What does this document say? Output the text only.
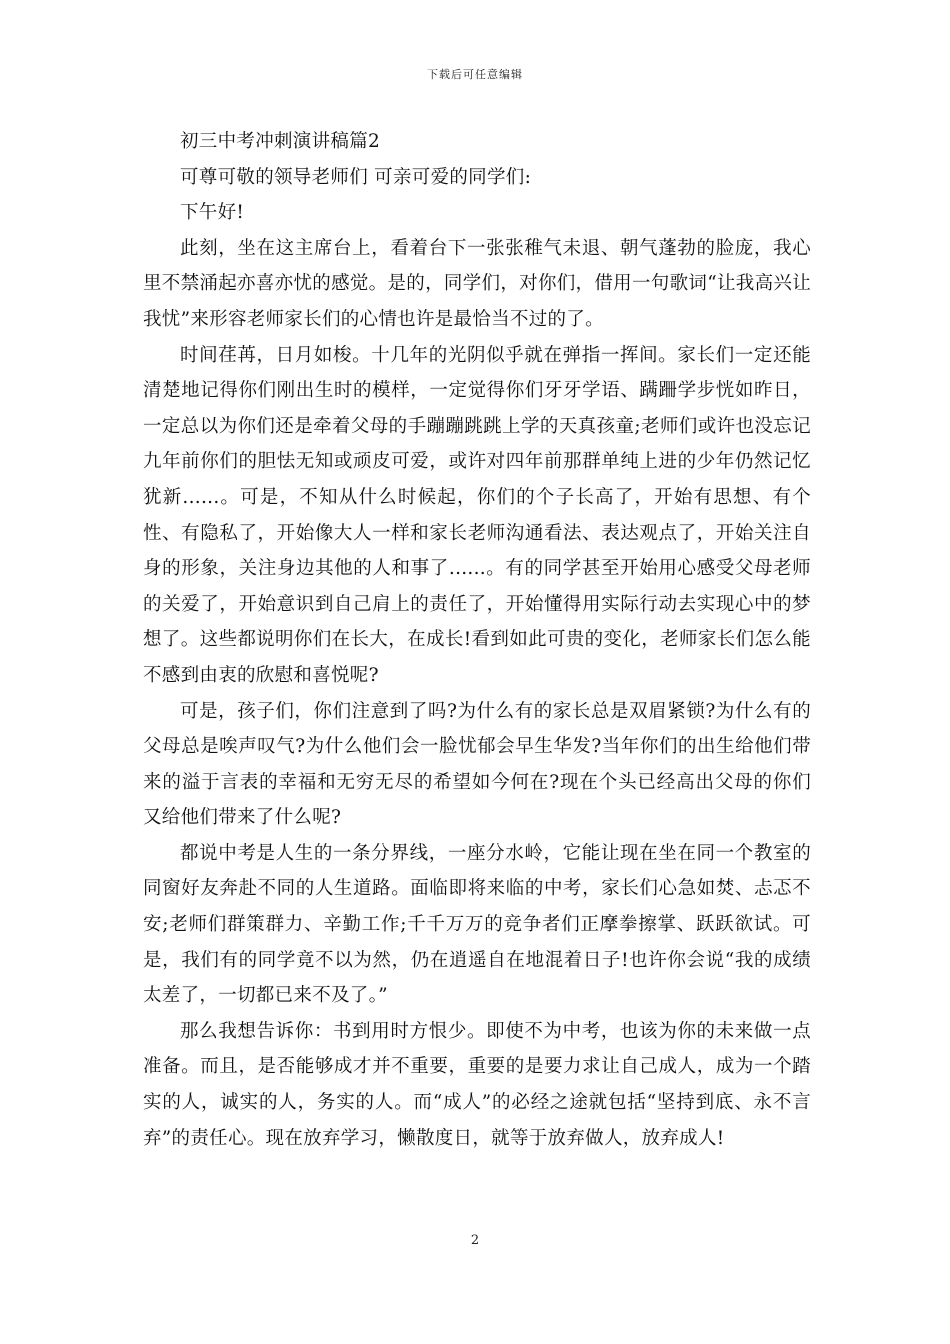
下载后可任意编辑

初三中考冲刺演讲稿篇2

可尊可敬的领导老师们 可亲可爱的同学们:

下午好!

此刻，坐在这主席台上，看着台下一张张稚气未退、朝气蓬勃的脸庞，我心里不禁涌起亦喜亦忧的感觉。是的，同学们，对你们，借用一句歌词“让我高兴让我忧”来形容老师家长们的心情也许是最恰当不过的了。

时间荏苒，日月如梭。十几年的光阴似乎就在弹指一挥间。家长们一定还能清楚地记得你们刚出生时的模样，一定觉得你们牙牙学语、蹒跚学步恍如昨日，一定总以为你们还是牵着父母的手蹦蹦跳跳上学的天真孩童;老师们或许也没忘记九年前你们的胆怯无知或顽皮可爱，或许对四年前那群单纯上进的少年仍然记忆犹新......。可是，不知从什么时候起，你们的个子长高了，开始有思想、有个性、有隐私了，开始像大人一样和家长老师沟通看法、表达观点了，开始关注自身的形象，关注身边其他的人和事了......。有的同学甚至开始用心感受父母老师的关爱了，开始意识到自己肩上的责任了，开始懂得用实际行动去实现心中的梦想了。这些都说明你们在长大，在成长!看到如此可贵的变化，老师家长们怎么能不感到由衷的欣慰和喜悦呢?

可是，孩子们，你们注意到了吗?为什么有的家长总是双眉紧锁?为什么有的父母总是唉声叹气?为什么他们会一脸忧郁会早生华发?当年你们的出生给他们带来的溢于言表的幸福和无穷无尽的希望如今何在?现在个头已经高出父母的你们又给他们带来了什么呢?

都说中考是人生的一条分界线，一座分水岭，它能让现在坐在同一个教室的同窗好友奔赴不同的人生道路。面临即将来临的中考，家长们心急如焚、忐忑不安;老师们群策群力、辛勤工作;千千万万的竞争者们正摩拳擦掌、跃跃欲试。可是，我们有的同学竟不以为然，仍在逍遥自在地混着日子!也许你会说“我的成绩太差了，一切都已来不及了。”

那么我想告诉你：书到用时方恨少。即使不为中考，也该为你的未来做一点准备。而且，是否能够成才并不重要，重要的是要力求让自己成人，成为一个踏实的人，诚实的人，务实的人。而“成人”的必经之途就包括“坚持到底、永不言弃”的责任心。现在放弃学习，懒散度日，就等于放弃做人，放弃成人!

2
